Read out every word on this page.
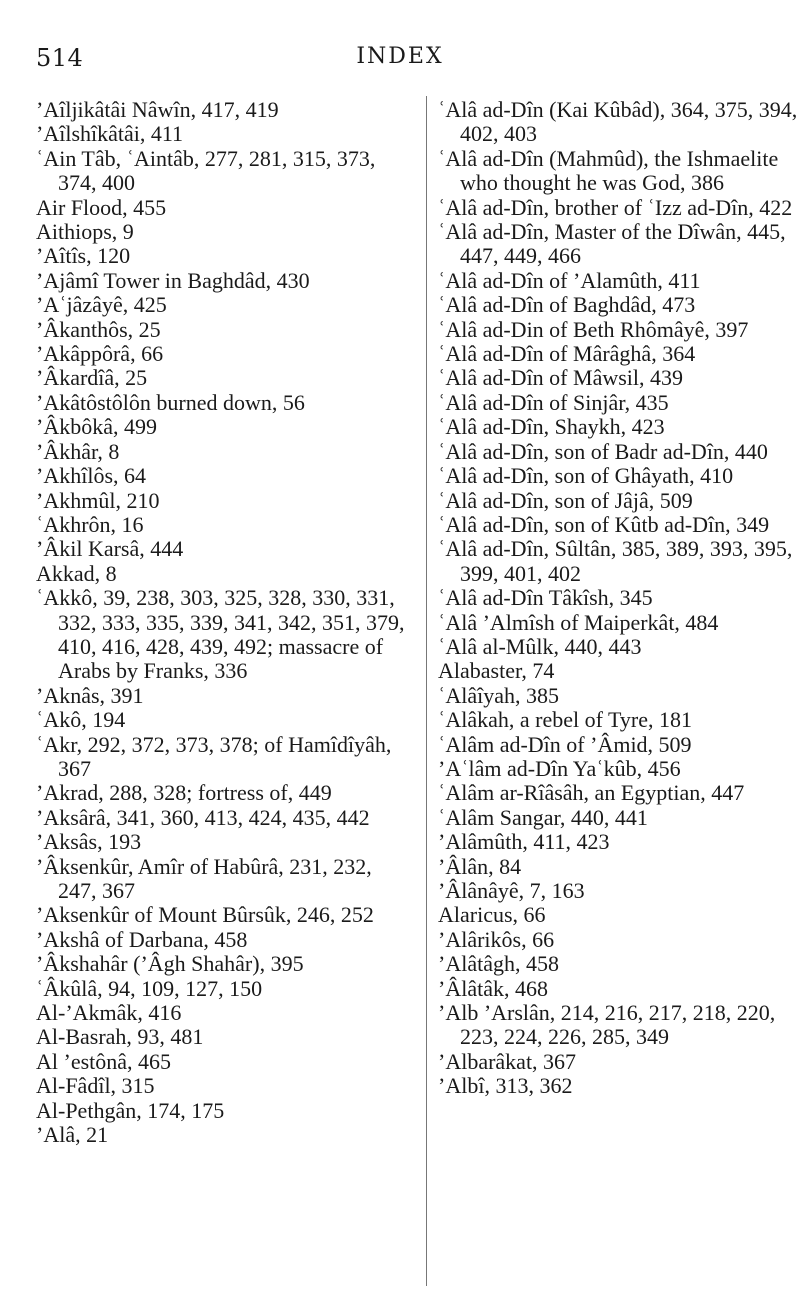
514	INDEX

’Aîljikâtâi Nâwîn, 417, 419

’Aîlshîkâtâi, 411

ʿAin Tâb, ʿAintâb, 277, 281, 315, 373, 374, 400

Air Flood, 455

Aithiops, 9

’Aîtîs, 120

’Ajâmî Tower in Baghdâd, 430

’Aʿjâzâyê, 425

’Âkanthôs, 25

’Akâppôrâ, 66

’Âkardîâ, 25

’Akâtôstôlôn burned down, 56

’Âkbôkâ, 499

’Âkhâr, 8

’Akhîlôs, 64

’Akhmûl, 210

ʿAkhrôn, 16

’Âkil Karsâ, 444

Akkad, 8

ʿAkkô, 39, 238, 303, 325, 328, 330, 331, 332, 333, 335, 339, 341, 342, 351, 379, 410, 416, 428, 439, 492; massacre of Arabs by Franks, 336

’Aknâs, 391

ʿAkô, 194

ʿAkr, 292, 372, 373, 378; of Hamîdîyâh, 367

’Akrad, 288, 328; fortress of, 449

’Aksârâ, 341, 360, 413, 424, 435, 442

’Aksâs, 193

’Âksenkûr, Amîr of Habûrâ, 231, 232, 247, 367

’Aksenkûr of Mount Bûrsûk, 246, 252

’Akshâ of Darbana, 458

’Âkshahâr (’Âgh Shahâr), 395

ʿÂkûlâ, 94, 109, 127, 150

Al-’Akmâk, 416

Al-Basrah, 93, 481

Al ’estônâ, 465

Al-Fâdîl, 315

Al-Pethgân, 174, 175

’Alâ, 21

ʿAlâ ad-Dîn (Kai Kûbâd), 364, 375, 394, 402, 403

ʿAlâ ad-Dîn (Mahmûd), the Ishmaelite who thought he was God, 386

ʿAlâ ad-Dîn, brother of ʿIzz ad-Dîn, 422

ʿAlâ ad-Dîn, Master of the Dîwân, 445, 447, 449, 466

ʿAlâ ad-Dîn of ’Alamûth, 411

ʿAlâ ad-Dîn of Baghdâd, 473

ʿAlâ ad-Din of Beth Rhômâyê, 397

ʿAlâ ad-Dîn of Mârâghâ, 364

ʿAlâ ad-Dîn of Mâwsil, 439

ʿAlâ ad-Dîn of Sinjâr, 435

ʿAlâ ad-Dîn, Shaykh, 423

ʿAlâ ad-Dîn, son of Badr ad-Dîn, 440

ʿAlâ ad-Dîn, son of Ghâyath, 410

ʿAlâ ad-Dîn, son of Jâjâ, 509

ʿAlâ ad-Dîn, son of Kûtb ad-Dîn, 349

ʿAlâ ad-Dîn, Sûltân, 385, 389, 393, 395, 399, 401, 402

ʿAlâ ad-Dîn Tâkîsh, 345

ʿAlâ ’Almîsh of Maiperkât, 484

ʿAlâ al-Mûlk, 440, 443

Alabaster, 74

ʿAlâîyah, 385

ʿAlâkah, a rebel of Tyre, 181

ʿAlâm ad-Dîn of ’Âmid, 509

’Aʿlâm ad-Dîn Yaʿkûb, 456

ʿAlâm ar-Rîâsâh, an Egyptian, 447

ʿAlâm Sangar, 440, 441

’Alâmûth, 411, 423

’Âlân, 84

’Âlânâyê, 7, 163

Alaricus, 66

’Alârikôs, 66

’Alâtâgh, 458

’Âlâtâk, 468

’Alb ’Arslân, 214, 216, 217, 218, 220, 223, 224, 226, 285, 349

’Albarâkat, 367

’Albî, 313, 362
